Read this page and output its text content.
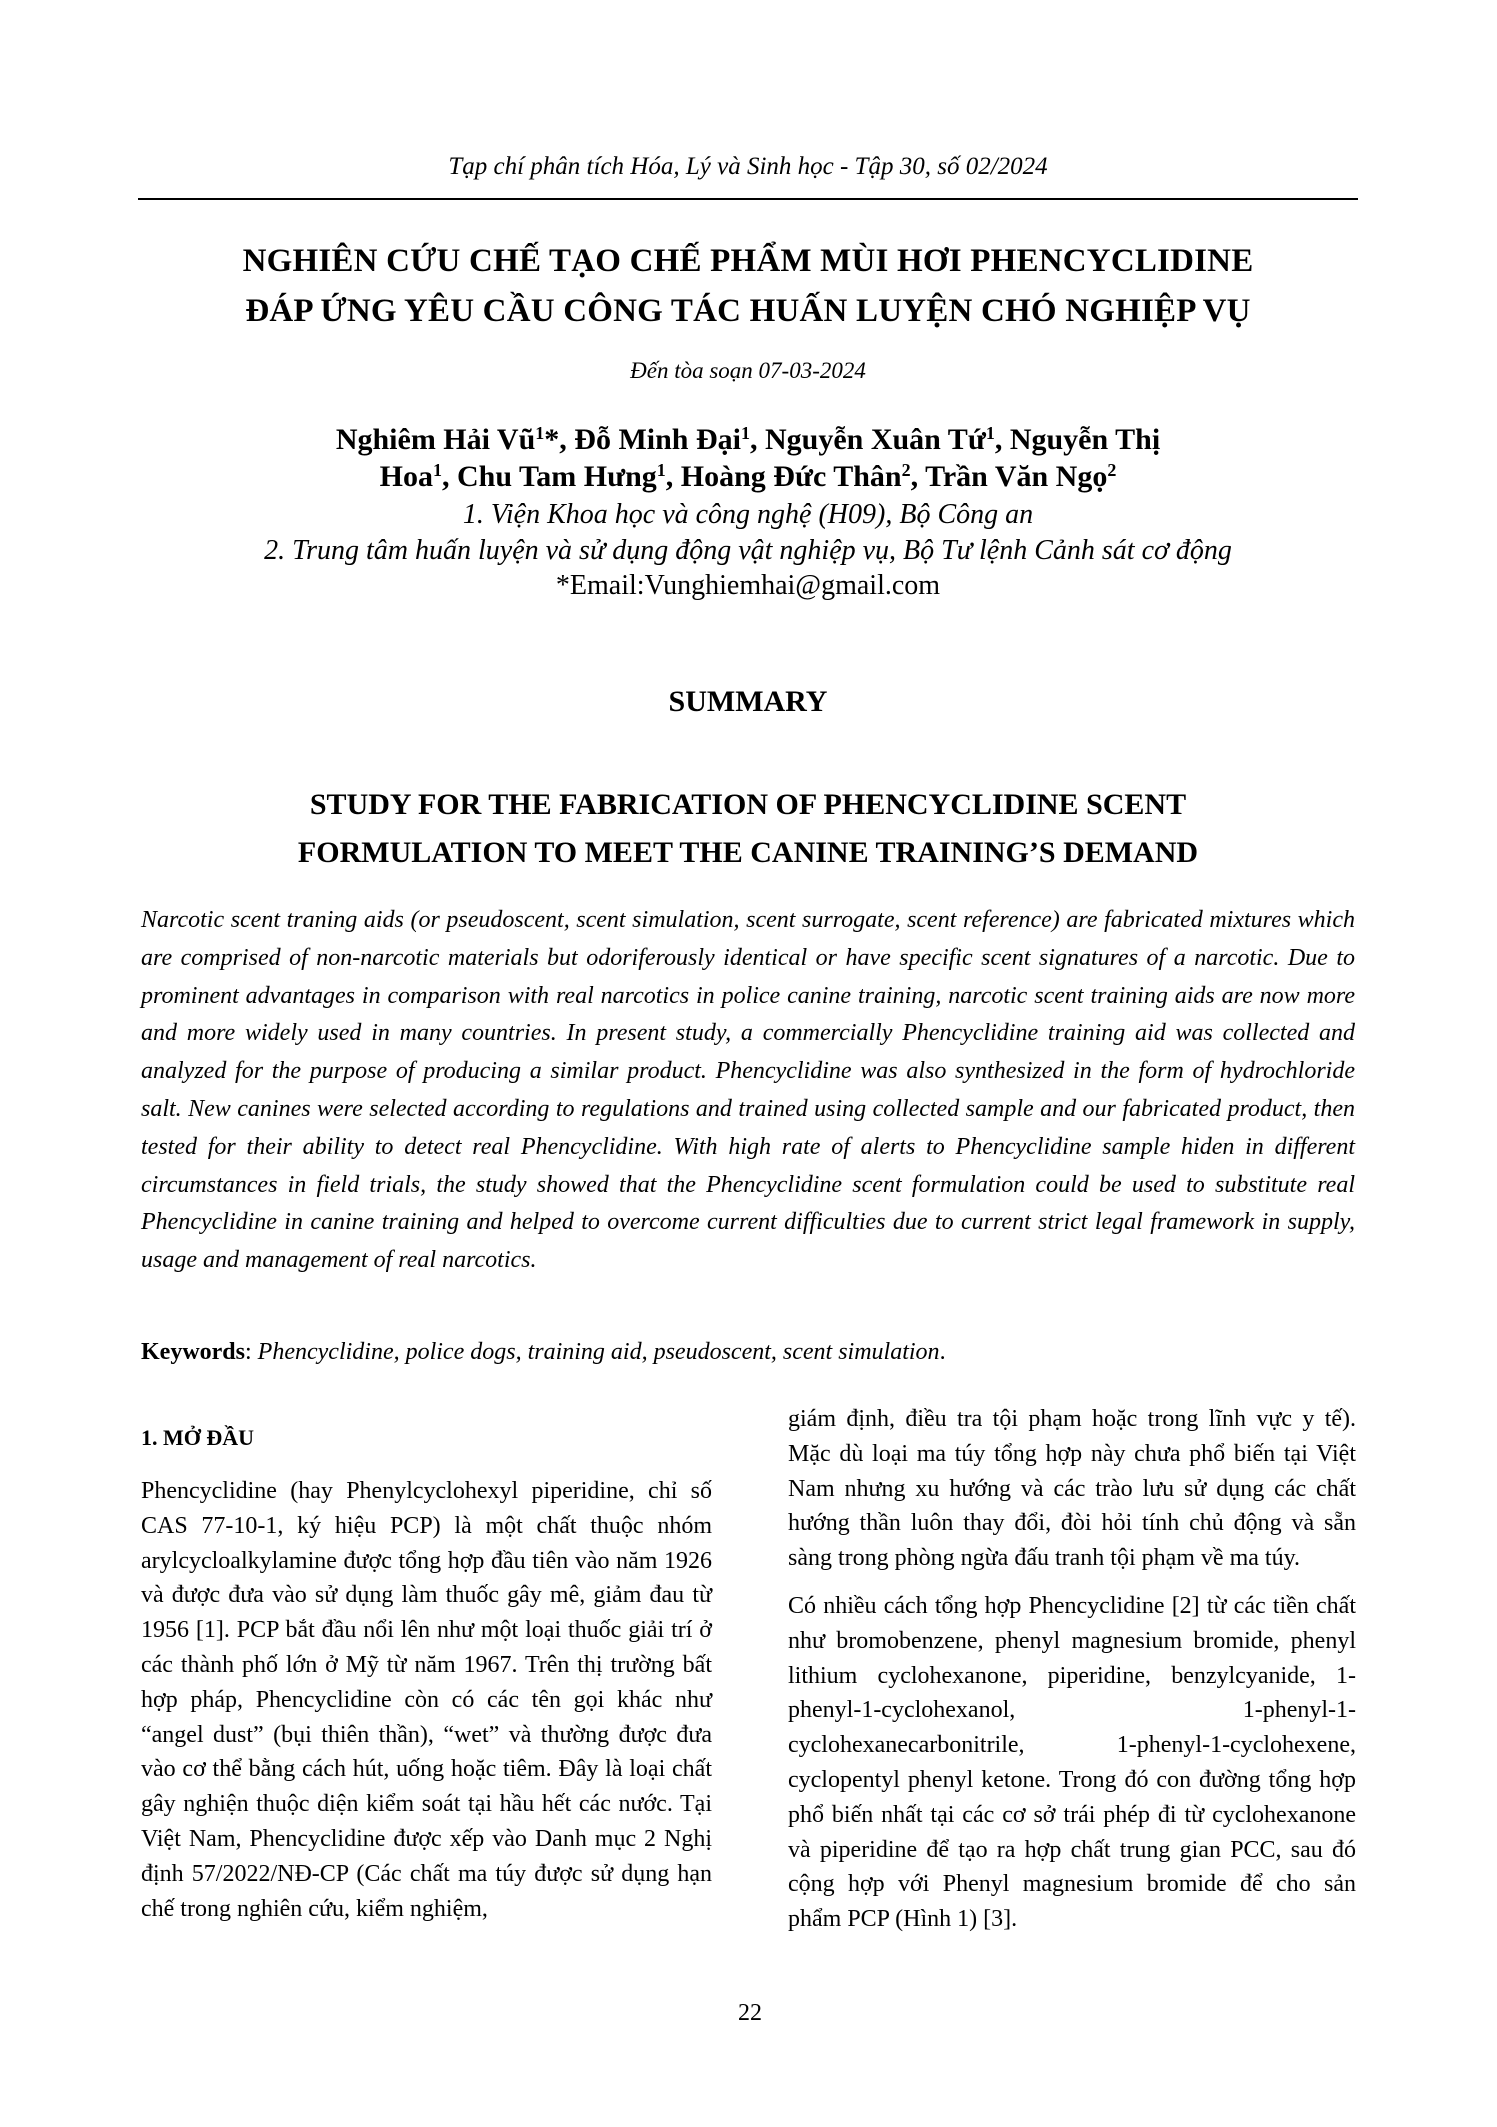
Tạp chí phân tích Hóa, Lý và Sinh học - Tập 30, số 02/2024
NGHIÊN CỨU CHẾ TẠO CHẾ PHẨM MÙI HƠI PHENCYCLIDINE
ĐÁP ỨNG YÊU CẦU CÔNG TÁC HUẤN LUYỆN CHÓ NGHIỆP VỤ
Đến tòa soạn 07-03-2024
Nghiêm Hải $Vũ^1*$, Đỗ Minh Đại$^1$, Nguyễn Xuân Tứ$^1$, Nguyễn Thị
Hoa$^1$, Chu Tam Hưng$^1$, Hoàng Đức Thân$^2$, Trần Văn Ngọ$^2$
1. Viện Khoa học và công nghệ (H09), Bộ Công an
2. Trung tâm huấn luyện và sử dụng động vật nghiệp vụ, Bộ Tư lệnh Cảnh sát cơ động
*Email:Vunghiemhai@gmail.com
SUMMARY
STUDY FOR THE FABRICATION OF PHENCYCLIDINE SCENT
FORMULATION TO MEET THE CANINE TRAINING’S DEMAND
Narcotic scent traning aids (or pseudoscent, scent simulation, scent surrogate, scent reference) are fabricated mixtures which are comprised of non-narcotic materials but odoriferously identical or have specific scent signatures of a narcotic. Due to prominent advantages in comparison with real narcotics in police canine training, narcotic scent training aids are now more and more widely used in many countries. In present study, a commercially Phencyclidine training aid was collected and analyzed for the purpose of producing a similar product. Phencyclidine was also synthesized in the form of hydrochloride salt. New canines were selected according to regulations and trained using collected sample and our fabricated product, then tested for their ability to detect real Phencyclidine. With high rate of alerts to Phencyclidine sample hiden in different circumstances in field trials, the study showed that the Phencyclidine scent formulation could be used to substitute real Phencyclidine in canine training and helped to overcome current difficulties due to current strict legal framework in supply, usage and management of real narcotics.
Keywords: Phencyclidine, police dogs, training aid, pseudoscent, scent simulation.
1. MỞ ĐẦU

Phencyclidine (hay Phenylcyclohexyl piperidine, chỉ số CAS 77-10-1, ký hiệu PCP) là một chất thuộc nhóm arylcycloalkylamine được tổng hợp đầu tiên vào năm 1926 và được đưa vào sử dụng làm thuốc gây mê, giảm đau từ 1956 [1]. PCP bắt đầu nổi lên như một loại thuốc giải trí ở các thành phố lớn ở Mỹ từ năm 1967. Trên thị trường bất hợp pháp, Phencyclidine còn có các tên gọi khác như “angel dust” (bụi thiên thần), “wet” và thường được đưa vào cơ thể bằng cách hút, uống hoặc tiêm. Đây là loại chất gây nghiện thuộc diện kiểm soát tại hầu hết các nước. Tại Việt Nam, Phencyclidine được xếp vào Danh mục 2 Nghị định 57/2022/NĐ-CP (Các chất ma túy được sử dụng hạn chế trong nghiên cứu, kiểm nghiệm,

giám định, điều tra tội phạm hoặc trong lĩnh vực y tế). Mặc dù loại ma túy tổng hợp này chưa phổ biến tại Việt Nam nhưng xu hướng và các trào lưu sử dụng các chất hướng thần luôn thay đổi, đòi hỏi tính chủ động và sẵn sàng trong phòng ngừa đấu tranh tội phạm về ma túy.

Có nhiều cách tổng hợp Phencyclidine [2] từ các tiền chất như bromobenzene, phenyl magnesium bromide, phenyl lithium cyclohexanone, piperidine, benzylcyanide, 1-phenyl-1-cyclohexanol, 1-phenyl-1-cyclohexanecarbonitrile, 1-phenyl-1-cyclohexene, cyclopentyl phenyl ketone. Trong đó con đường tổng hợp phổ biến nhất tại các cơ sở trái phép đi từ cyclohexanone và piperidine để tạo ra hợp chất trung gian PCC, sau đó cộng hợp với Phenyl magnesium bromide để cho sản phẩm PCP (Hình 1) [3].

22
